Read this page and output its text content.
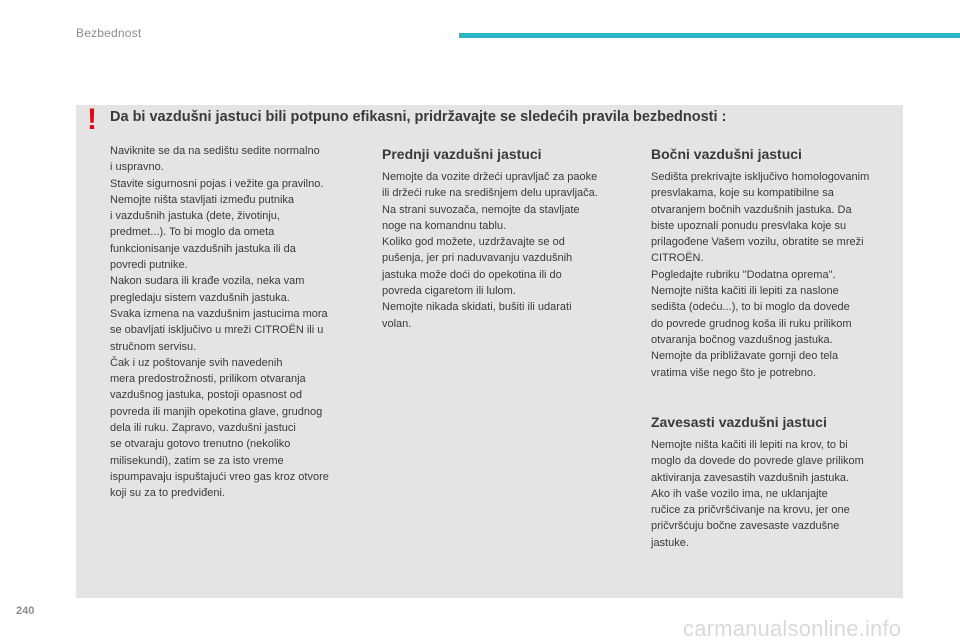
Bezbednost
! Da bi vazdušni jastuci bili potpuno efikasni, pridržavajte se sledećih pravila bezbednosti :
Naviknite se da na sedištu sedite normalno
i uspravno.
Stavite sigurnosni pojas i vežite ga pravilno.
Nemojte ništa stavljati između putnika
i vazdušnih jastuka (dete, životinju,
predmet...). To bi moglo da ometa
funkcionisanje vazdušnih jastuka ili da
povredi putnike.
Nakon sudara ili krađe vozila, neka vam
pregledaju sistem vazdušnih jastuka.
Svaka izmena na vazdušnim jastucima mora
se obavljati isključivo u mreži CITROËN ili u
stručnom servisu.
Čak i uz poštovanje svih navedenih
mera predostrožnosti, prilikom otvaranja
vazdušnog jastuka, postoji opasnost od
povreda ili manjih opekotina glave, grudnog
dela ili ruku. Zapravo, vazdušni jastuci
se otvaraju gotovo trenutno (nekoliko
milisekundi), zatim se za isto vreme
ispumpavaju ispuštajući vreo gas kroz otvore
koji su za to predviđeni.
Prednji vazdušni jastuci
Nemojte da vozite držeći upravljač za paoke
ili držeći ruke na središnjem delu upravljača.
Na strani suvozača, nemojte da stavljate
noge na komandnu tablu.
Koliko god možete, uzdržavajte se od
pušenja, jer pri naduvavanju vazdušnih
jastuka može doći do opekotina ili do
povreda cigaretom ili lulom.
Nemojte nikada skidati, bušiti ili udarati
volan.
Bočni vazdušni jastuci
Sedišta prekrivajte isključivo homologovanim
presvlakama, koje su kompatibilne sa
otvaranjem bočnih vazdušnih jastuka. Da
biste upoznali ponudu presvlaka koje su
prilagođene Vašem vozilu, obratite se mreži
CITROËN.
Pogledajte rubriku "Dodatna oprema".
Nemojte ništa kačiti ili lepiti za naslone
sedišta (odeću...), to bi moglo da dovede
do povrede grudnog koša ili ruku prilikom
otvaranja bočnog vazdušnog jastuka.
Nemojte da približavate gornji deo tela
vratima više nego što je potrebno.
Zavesasti vazdušni jastuci
Nemojte ništa kačiti ili lepiti na krov, to bi
moglo da dovede do povrede glave prilikom
aktiviranja zavesastih vazdušnih jastuka.
Ako ih vaše vozilo ima, ne uklanjajte
ručice za pričvršćivanje na krovu, jer one
pričvršćuju bočne zavesaste vazdušne
jastuke.
240
carmanualsonline.info
